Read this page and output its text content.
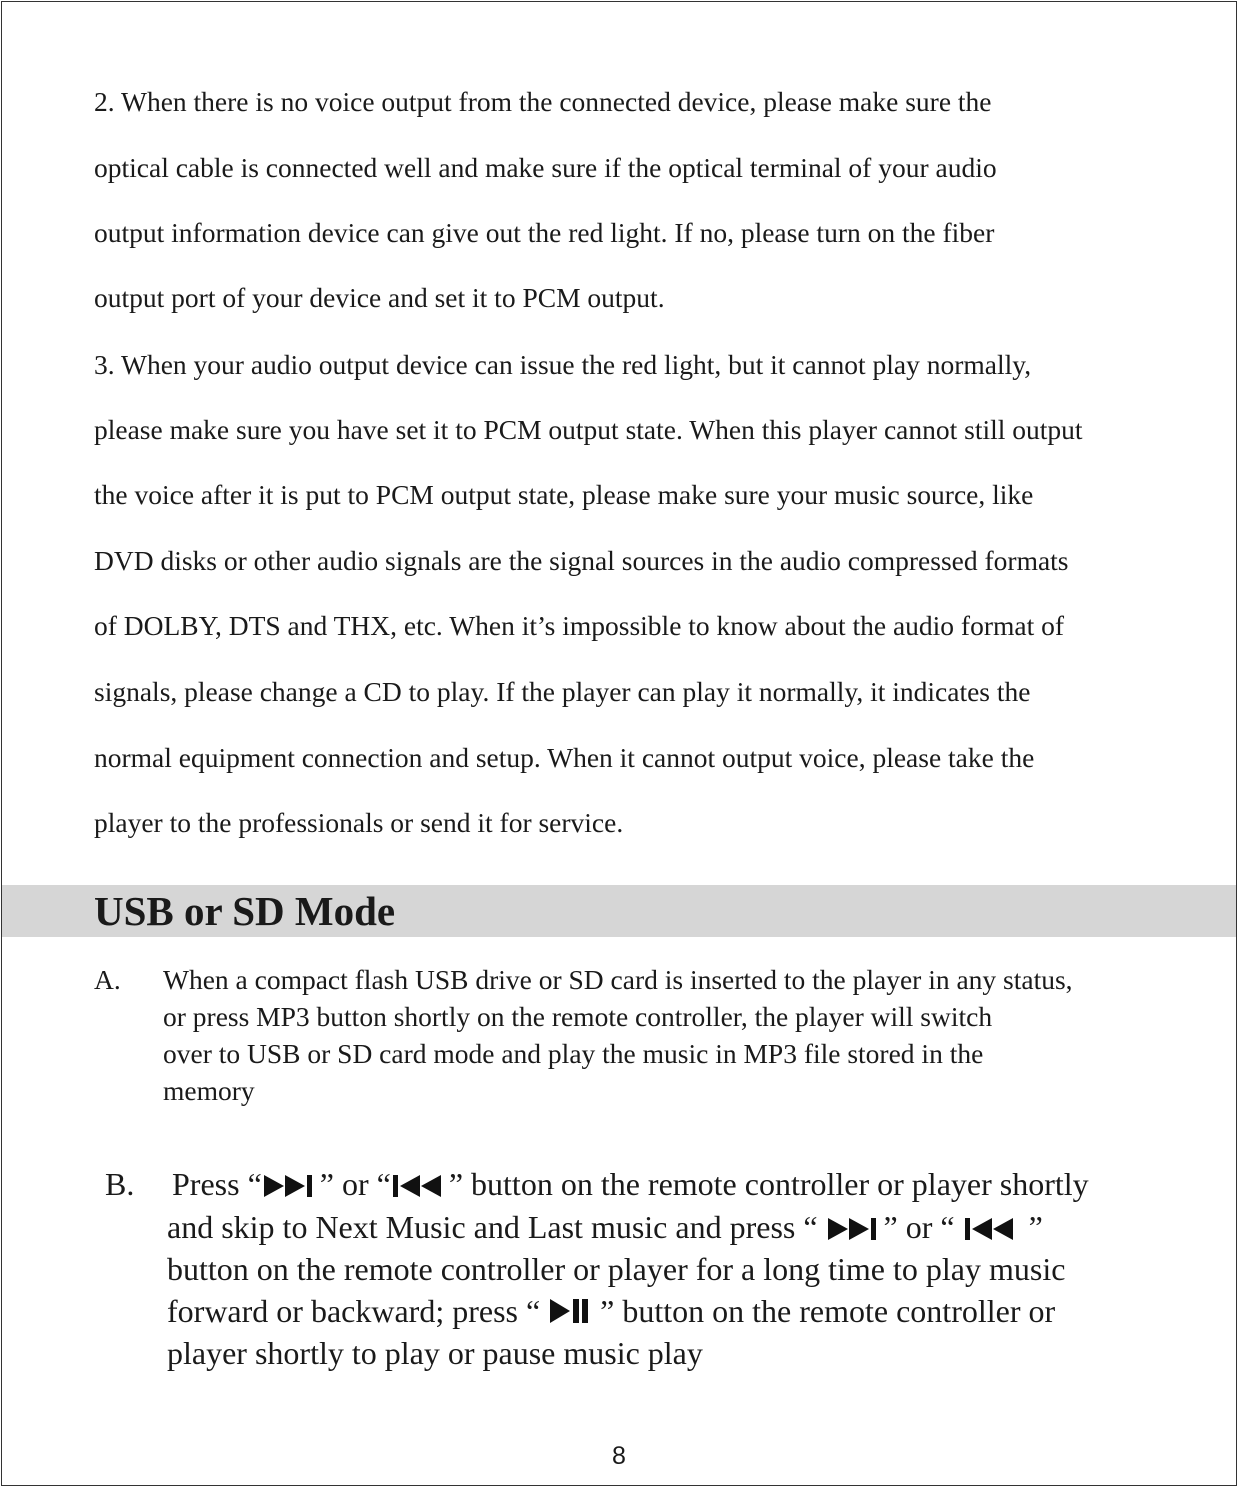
2. When there is no voice output from the connected device, please make sure the
optical cable is connected well and make sure if the optical terminal of your audio
output information device can give out the red light. If no, please turn on the fiber
output port of your device and set it to PCM output.
3. When your audio output device can issue the red light, but it cannot play normally,
please make sure you have set it to PCM output state. When this player cannot still output
the voice after it is put to PCM output state, please make sure your music source, like
DVD disks or other audio signals are the signal sources in the audio compressed formats
of DOLBY, DTS and THX, etc. When it’s impossible to know about the audio format of
signals, please change a CD to play. If the player can play it normally, it indicates the
normal equipment connection and setup. When it cannot output voice, please take the
player to the professionals or send it for service.
USB or SD Mode
A. When a compact flash USB drive or SD card is inserted to the player in any status,
or press MP3 button shortly on the remote controller, the player will switch
over to USB or SD card mode and play the music in MP3 file stored in the
memory
B. Press “ ” or “ ” button on the remote controller or player shortly
and skip to Next Music and Last music and press “ ” or “  ”
button on the remote controller or player for a long time to play music
forward or backward; press “  ” button on the remote controller or
player shortly to play or pause music play
8
